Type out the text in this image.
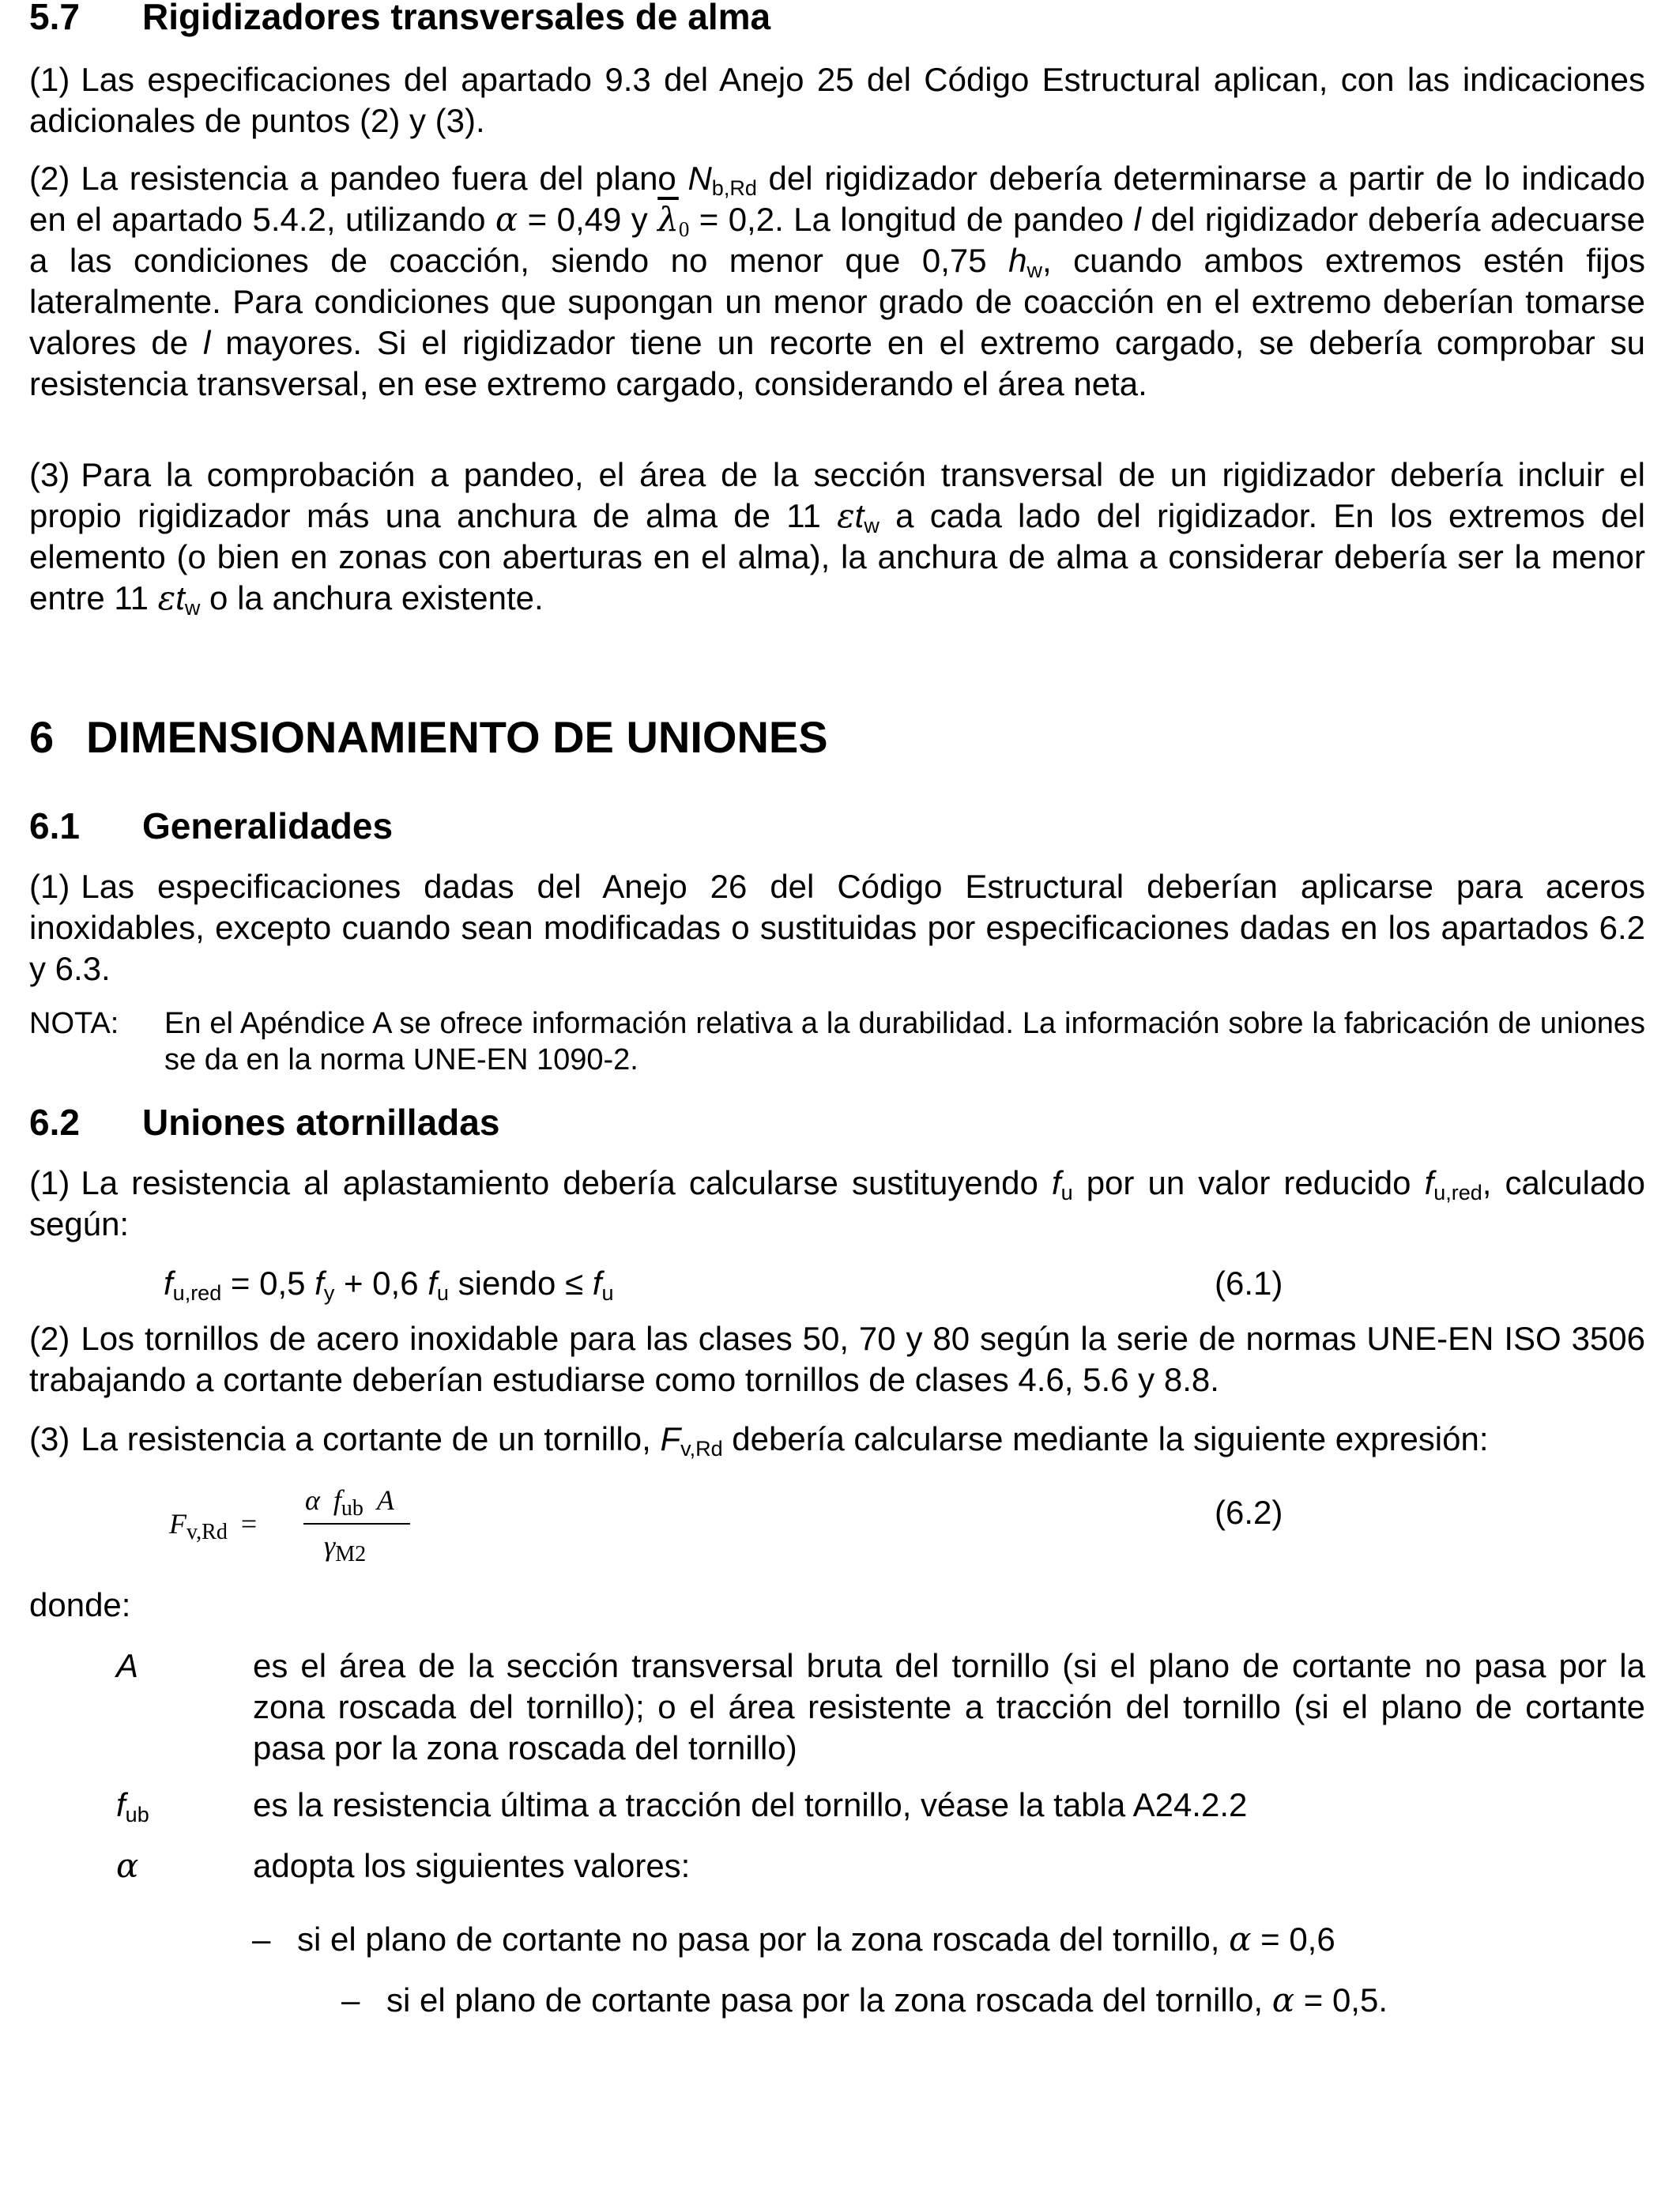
5.7 Rigidizadores transversales de alma
(1) Las especificaciones del apartado 9.3 del Anejo 25 del Código Estructural aplican, con las indicaciones adicionales de puntos (2) y (3).
(2) La resistencia a pandeo fuera del plano $N_{b,Rd}$ del rigidizador debería determinarse a partir de lo indicado en el apartado 5.4.2, utilizando α = 0,49 y $\overline{\lambda}_0 = 0,2$. La longitud de pandeo l del rigidizador debería adecuarse a las condiciones de coacción, siendo no menor que 0,75 $h_w$, cuando ambos extremos estén fijos lateralmente. Para condiciones que supongan un menor grado de coacción en el extremo deberían tomarse valores de l mayores. Si el rigidizador tiene un recorte en el extremo cargado, se debería comprobar su resistencia transversal, en ese extremo cargado, considerando el área neta.
(3) Para la comprobación a pandeo, el área de la sección transversal de un rigidizador debería incluir el propio rigidizador más una anchura de alma de 11 $\varepsilon t_w$ a cada lado del rigidizador. En los extremos del elemento (o bien en zonas con aberturas en el alma), la anchura de alma a considerar debería ser la menor entre 11 $\varepsilon t_w$ o la anchura existente.
6 DIMENSIONAMIENTO DE UNIONES
6.1 Generalidades
(1) Las especificaciones dadas del Anejo 26 del Código Estructural deberían aplicarse para aceros inoxidables, excepto cuando sean modificadas o sustituidas por especificaciones dadas en los apartados 6.2 y 6.3.
NOTA: En el Apéndice A se ofrece información relativa a la durabilidad. La información sobre la fabricación de uniones se da en la norma UNE-EN 1090-2.
6.2 Uniones atornilladas
(1) La resistencia al aplastamiento debería calcularse sustituyendo $f_u$ por un valor reducido $f_{u,red}$, calculado según:
$f_{u,red} = 0,5$ $f_y + 0,6$ $f_u$ siendo ≤ $f_u$	(6.1)
(2) Los tornillos de acero inoxidable para las clases 50, 70 y 80 según la serie de normas UNE-EN ISO 3506 trabajando a cortante deberían estudiarse como tornillos de clases 4.6, 5.6 y 8.8.
(3) La resistencia a cortante de un tornillo, $F_{v,Rd}$ debería calcularse mediante la siguiente expresión:
$F_{v,Rd}$ =
α $f_{ub}$ A
$\gamma_{M2}$
(6.2)
donde:
A	es el área de la sección transversal bruta del tornillo (si el plano de cortante no pasa por la zona roscada del tornillo); o el área resistente a tracción del tornillo (si el plano de cortante pasa por la zona roscada del tornillo)
$f_{ub}$	es la resistencia última a tracción del tornillo, véase la tabla A24.2.2
α	adopta los siguientes valores:
– si el plano de cortante no pasa por la zona roscada del tornillo, α = 0,6
– si el plano de cortante pasa por la zona roscada del tornillo, α = 0,5.
